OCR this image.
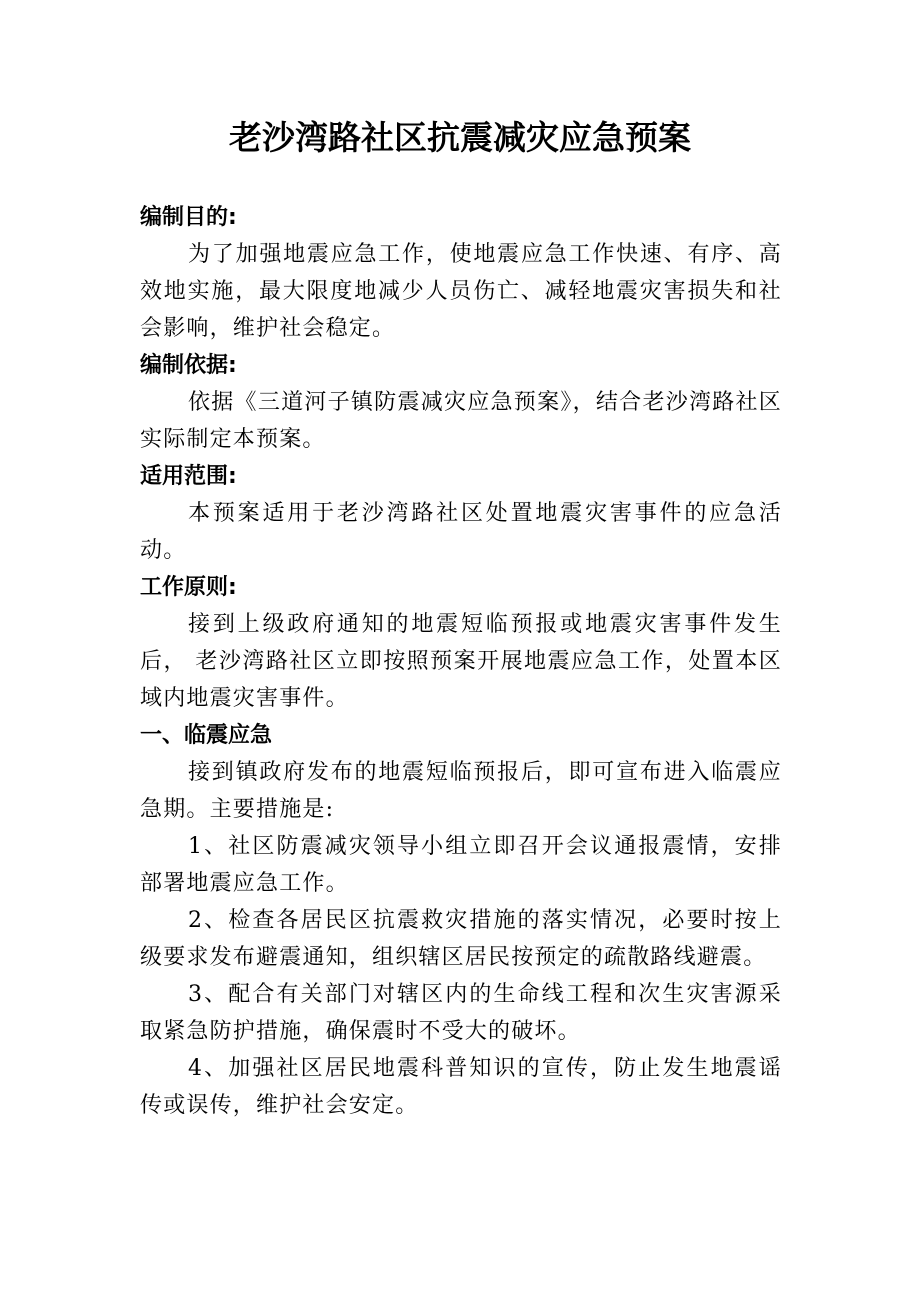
老沙湾路社区抗震减灾应急预案

编制目的:

为了加强地震应急工作，使地震应急工作快速、有序、高效地实施，最大限度地减少人员伤亡、减轻地震灾害损失和社会影响，维护社会稳定。

编制依据:

依据《三道河子镇防震减灾应急预案》，结合老沙湾路社区实际制定本预案。

适用范围:

本预案适用于老沙湾路社区处置地震灾害事件的应急活动。

工作原则:

接到上级政府通知的地震短临预报或地震灾害事件发生后， 老沙湾路社区立即按照预案开展地震应急工作，处置本区域内地震灾害事件。

一、临震应急

接到镇政府发布的地震短临预报后，即可宣布进入临震应急期。主要措施是:

1、社区防震减灾领导小组立即召开会议通报震情，安排部署地震应急工作。

2、检查各居民区抗震救灾措施的落实情况，必要时按上级要求发布避震通知，组织辖区居民按预定的疏散路线避震。

3、配合有关部门对辖区内的生命线工程和次生灾害源采取紧急防护措施，确保震时不受大的破坏。

4、加强社区居民地震科普知识的宣传，防止发生地震谣传或误传，维护社会安定。
